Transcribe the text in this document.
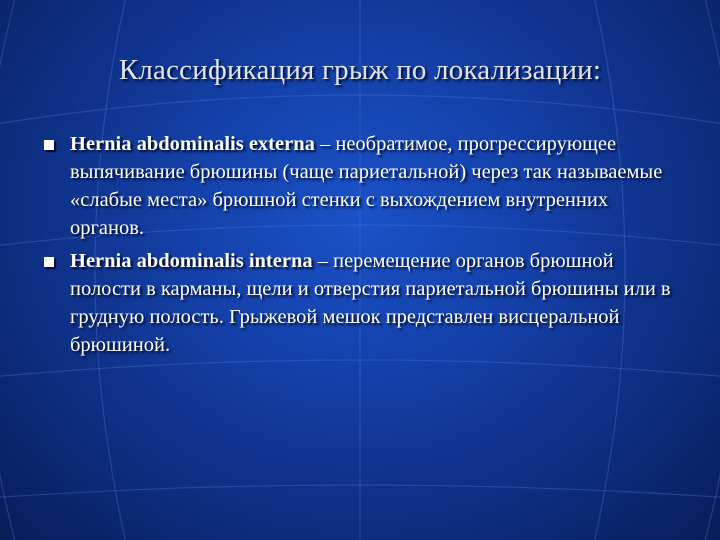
Классификация грыж по локализации:
Hernia abdominalis externa – необратимое, прогрессирующее выпячивание брюшины (чаще париетальной) через так называемые «слабые места» брюшной стенки с выхождением внутренних органов.
Hernia abdominalis interna – перемещение органов брюшной полости в карманы, щели и отверстия париетальной брюшины или в грудную полость. Грыжевой мешок представлен висцеральной брюшиной.
